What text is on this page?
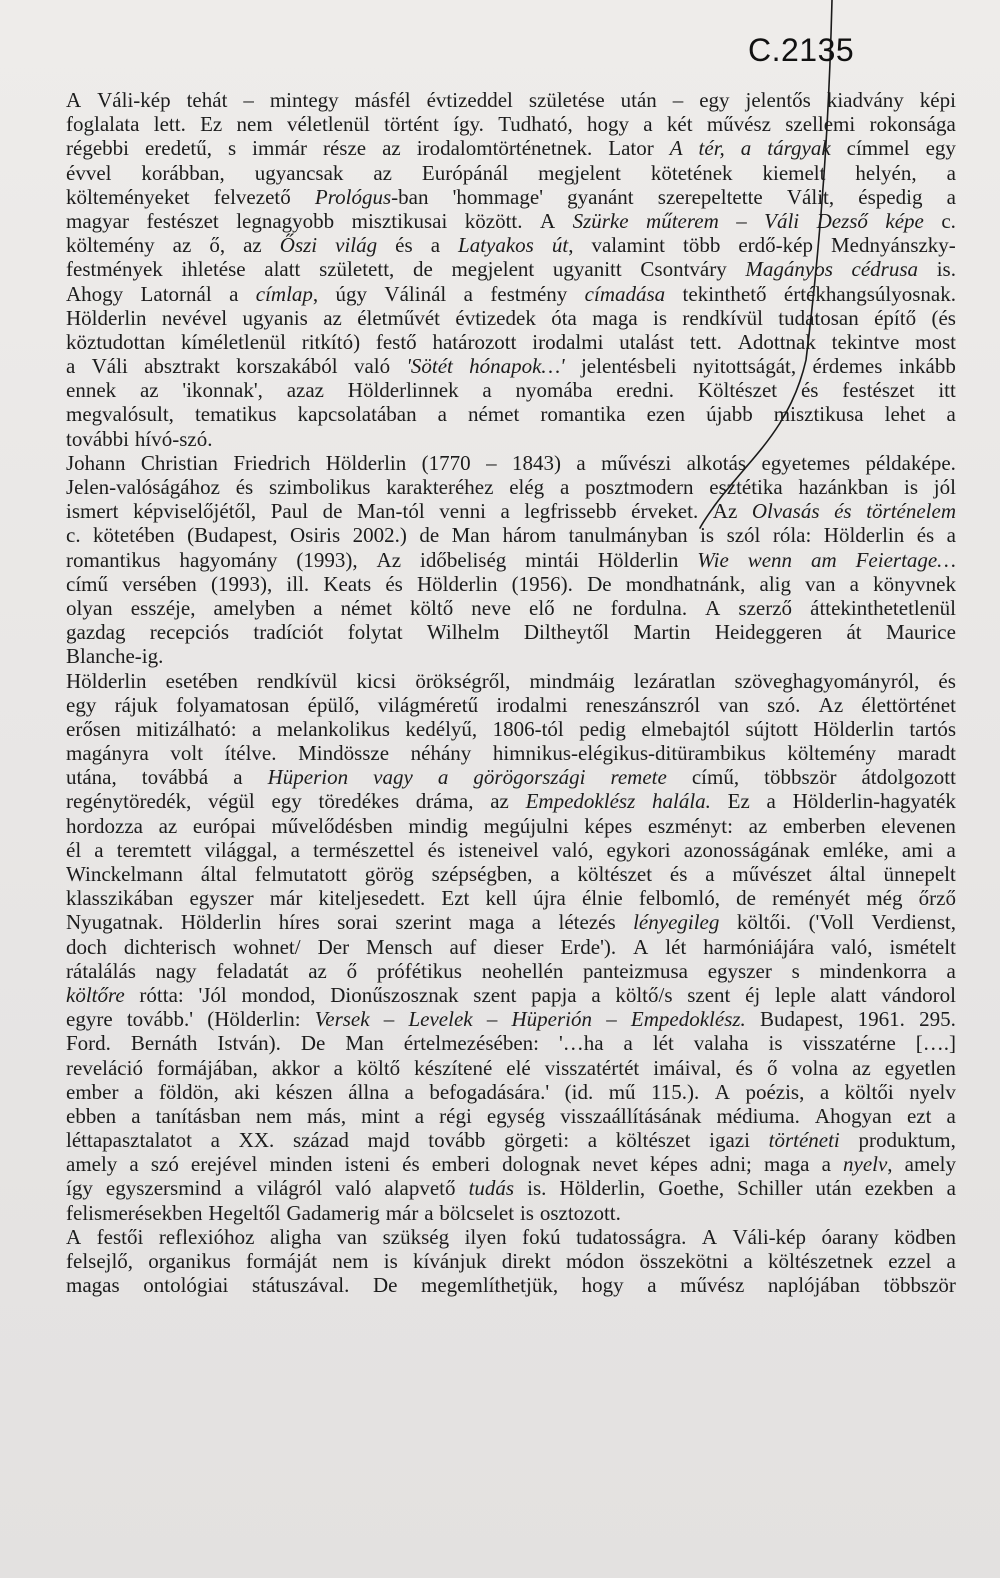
C.2135
A Váli-kép tehát – mintegy másfél évtizeddel születése után – egy jelentős kiadvány képi
foglalata lett. Ez nem véletlenül történt így. Tudható, hogy a két művész szellemi rokonsága
régebbi eredetű, s immár része az irodalomtörténetnek. Lator A tér, a tárgyak címmel egy
évvel korábban, ugyancsak az Európánál megjelent kötetének kiemelt helyén, a
költeményeket felvezető Prológus-ban 'hommage' gyanánt szerepeltette Válit, éspedig a
magyar festészet legnagyobb misztikusai között. A Szürke műterem – Váli Dezső képe c.
költemény az ő, az Őszi világ és a Latyakos út, valamint több erdő-kép Mednyánszky-
festmények ihletése alatt született, de megjelent ugyanitt Csontváry Magányos cédrusa is.
Ahogy Latornál a címlap, úgy Válinál a festmény címadása tekinthető értékhangsúlyosnak.
Hölderlin nevével ugyanis az életművét évtizedek óta maga is rendkívül tudatosan építő (és
köztudottan kíméletlenül ritkító) festő határozott irodalmi utalást tett. Adottnak tekintve most
a Váli absztrakt korszakából való 'Sötét hónapok…' jelentésbeli nyitottságát, érdemes inkább
ennek az 'ikonnak', azaz Hölderlinnek a nyomába eredni. Költészet és festészet itt
megvalósult, tematikus kapcsolatában a német romantika ezen újabb misztikusa lehet a
további hívó-szó.
Johann Christian Friedrich Hölderlin (1770 – 1843) a művészi alkotás egyetemes példaképe.
Jelen-valóságához és szimbolikus karakteréhez elég a posztmodern esztétika hazánkban is jól
ismert képviselőjétől, Paul de Man-tól venni a legfrissebb érveket. Az Olvasás és történelem
c. kötetében (Budapest, Osiris 2002.) de Man három tanulmányban is szól róla: Hölderlin és a
romantikus hagyomány (1993), Az időbeliség mintái Hölderlin Wie wenn am Feiertage…
című versében (1993), ill. Keats és Hölderlin (1956). De mondhatnánk, alig van a könyvnek
olyan esszéje, amelyben a német költő neve elő ne fordulna. A szerző áttekinthetetlenül
gazdag recepciós tradíciót folytat Wilhelm Diltheytől Martin Heideggeren át Maurice
Blanche-ig.
Hölderlin esetében rendkívül kicsi örökségről, mindmáig lezáratlan szöveghagyományról, és
egy rájuk folyamatosan épülő, világméretű irodalmi reneszánszról van szó. Az élettörténet
erősen mitizálható: a melankolikus kedélyű, 1806-tól pedig elmebajtól sújtott Hölderlin tartós
magányra volt ítélve. Mindössze néhány himnikus-elégikus-ditürambikus költemény maradt
utána, továbbá a Hüperion vagy a görögországi remete című, többször átdolgozott
regénytöredék, végül egy töredékes dráma, az Empedoklész halála. Ez a Hölderlin-hagyaték
hordozza az európai művelődésben mindig megújulni képes eszményt: az emberben elevenen
él a teremtett világgal, a természettel és isteneivel való, egykori azonosságának emléke, ami a
Winckelmann által felmutatott görög szépségben, a költészet és a művészet által ünnepelt
klasszikában egyszer már kiteljesedett. Ezt kell újra élnie felbomló, de reményét még őrző
Nyugatnak. Hölderlin híres sorai szerint maga a létezés lényegileg költői. ('Voll Verdienst,
doch dichterisch wohnet/ Der Mensch auf dieser Erde'). A lét harmóniájára való, ismételt
rátalálás nagy feladatát az ő prófétikus neohellén panteizmusa egyszer s mindenkorra a
költőre rótta: 'Jól mondod, Dionűszosznak szent papja a költő/s szent éj leple alatt vándorol
egyre tovább.' (Hölderlin: Versek – Levelek – Hüperión – Empedoklész. Budapest, 1961. 295.
Ford. Bernáth István). De Man értelmezésében: '…ha a lét valaha is visszatérne [….]
reveláció formájában, akkor a költő készítené elé visszatértét imáival, és ő volna az egyetlen
ember a földön, aki készen állna a befogadására.' (id. mű 115.). A poézis, a költői nyelv
ebben a tanításban nem más, mint a régi egység visszaállításának médiuma. Ahogyan ezt a
léttapasztalatot a XX. század majd tovább görgeti: a költészet igazi történeti produktum,
amely a szó erejével minden isteni és emberi dolognak nevet képes adni; maga a nyelv, amely
így egyszersmind a világról való alapvető tudás is. Hölderlin, Goethe, Schiller után ezekben a
felismerésekben Hegeltől Gadamerig már a bölcselet is osztozott.
A festői reflexióhoz aligha van szükség ilyen fokú tudatosságra. A Váli-kép óarany ködben
felsejlő, organikus formáját nem is kívánjuk direkt módon összekötni a költészetnek ezzel a
magas ontológiai státuszával. De megemlíthetjük, hogy a művész naplójában többször
